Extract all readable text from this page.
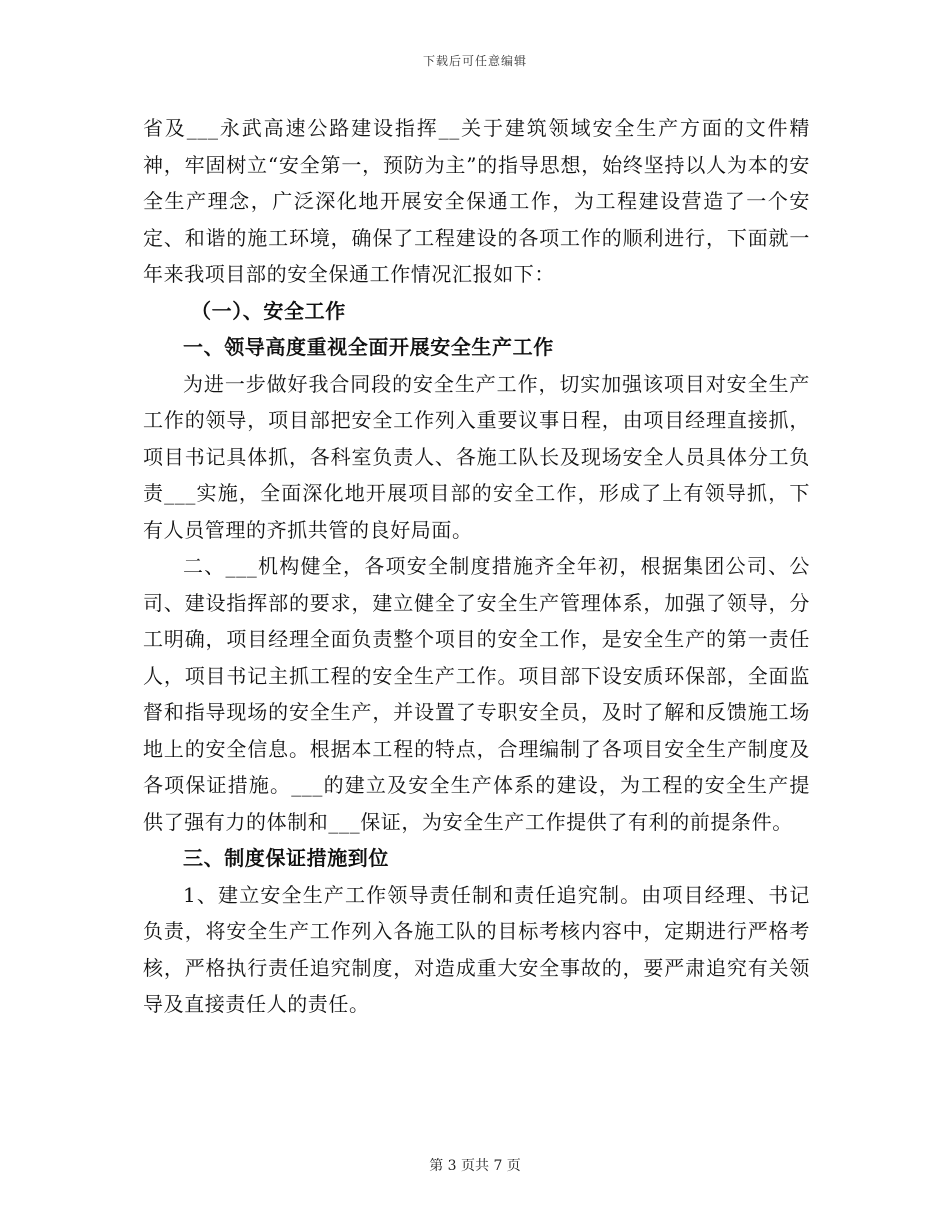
下载后可任意编辑

省及___永武高速公路建设指挥__关于建筑领域安全生产方面的文件精神，牢固树立“安全第一，预防为主”的指导思想，始终坚持以人为本的安全生产理念，广泛深化地开展安全保通工作，为工程建设营造了一个安定、和谐的施工环境，确保了工程建设的各项工作的顺利进行，下面就一年来我项目部的安全保通工作情况汇报如下：

（一）、安全工作

一、领导高度重视全面开展安全生产工作

为进一步做好我合同段的安全生产工作，切实加强该项目对安全生产工作的领导，项目部把安全工作列入重要议事日程，由项目经理直接抓，项目书记具体抓，各科室负责人、各施工队长及现场安全人员具体分工负责___实施，全面深化地开展项目部的安全工作，形成了上有领导抓，下有人员管理的齐抓共管的良好局面。

二、___机构健全，各项安全制度措施齐全年初，根据集团公司、公司、建设指挥部的要求，建立健全了安全生产管理体系，加强了领导，分工明确，项目经理全面负责整个项目的安全工作，是安全生产的第一责任人，项目书记主抓工程的安全生产工作。项目部下设安质环保部，全面监督和指导现场的安全生产，并设置了专职安全员，及时了解和反馈施工场地上的安全信息。根据本工程的特点，合理编制了各项目安全生产制度及各项保证措施。___的建立及安全生产体系的建设，为工程的安全生产提供了强有力的体制和___保证，为安全生产工作提供了有利的前提条件。

三、制度保证措施到位

1、建立安全生产工作领导责任制和责任追究制。由项目经理、书记负责，将安全生产工作列入各施工队的目标考核内容中，定期进行严格考核，严格执行责任追究制度，对造成重大安全事故的，要严肃追究有关领导及直接责任人的责任。

第 3 页共 7 页
